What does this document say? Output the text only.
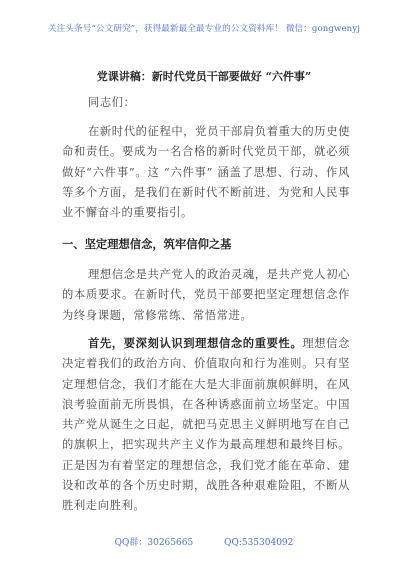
关注头条号“公文研究”，获得最新最全最专业的公文资料库！ 微信：gongwenyj
党课讲稿：新时代党员干部要做好 “六件事”
同志们：
在新时代的征程中，党员干部肩负着重大的历史使命和责任。要成为一名合格的新时代党员干部，就必须做好“六件事”。这 “六件事” 涵盖了思想、行动、作风等多个方面，是我们在新时代不断前进、为党和人民事业不懈奋斗的重要指引。
一、坚定理想信念，筑牢信仰之基
理想信念是共产党人的政治灵魂，是共产党人初心的本质要求。在新时代，党员干部要把坚定理想信念作为终身课题，常修常练、常悟常进。
首先，要深刻认识到理想信念的重要性。理想信念决定着我们的政治方向、价值取向和行为准则。只有坚定理想信念，我们才能在大是大非面前旗帜鲜明，在风浪考验面前无所畏惧，在各种诱惑面前立场坚定。中国共产党从诞生之日起，就把马克思主义鲜明地写在自己的旗帜上，把实现共产主义作为最高理想和最终目标。正是因为有着坚定的理想信念，我们党才能在革命、建设和改革的各个历史时期，战胜各种艰难险阻，不断从胜利走向胜利。
QQ群：30265665	QQ:535304092
